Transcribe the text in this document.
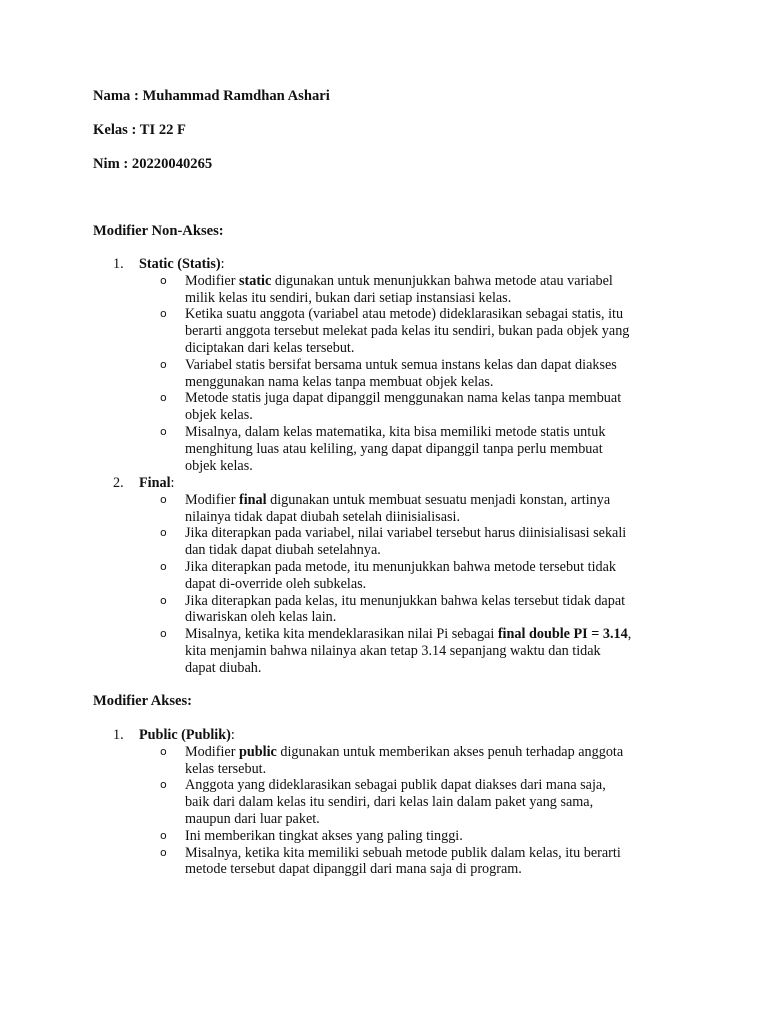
Nama : Muhammad Ramdhan Ashari
Kelas : TI 22 F
Nim : 20220040265
Modifier Non-Akses:
1. Static (Statis):
o Modifier static digunakan untuk menunjukkan bahwa metode atau variabel
milik kelas itu sendiri, bukan dari setiap instansiasi kelas.
o Ketika suatu anggota (variabel atau metode) dideklarasikan sebagai statis, itu
berarti anggota tersebut melekat pada kelas itu sendiri, bukan pada objek yang
diciptakan dari kelas tersebut.
o Variabel statis bersifat bersama untuk semua instans kelas dan dapat diakses
menggunakan nama kelas tanpa membuat objek kelas.
o Metode statis juga dapat dipanggil menggunakan nama kelas tanpa membuat
objek kelas.
o Misalnya, dalam kelas matematika, kita bisa memiliki metode statis untuk
menghitung luas atau keliling, yang dapat dipanggil tanpa perlu membuat
objek kelas.
2. Final:
o Modifier final digunakan untuk membuat sesuatu menjadi konstan, artinya
nilainya tidak dapat diubah setelah diinisialisasi.
o Jika diterapkan pada variabel, nilai variabel tersebut harus diinisialisasi sekali
dan tidak dapat diubah setelahnya.
o Jika diterapkan pada metode, itu menunjukkan bahwa metode tersebut tidak
dapat di-override oleh subkelas.
o Jika diterapkan pada kelas, itu menunjukkan bahwa kelas tersebut tidak dapat
diwariskan oleh kelas lain.
o Misalnya, ketika kita mendeklarasikan nilai Pi sebagai final double PI = 3.14,
kita menjamin bahwa nilainya akan tetap 3.14 sepanjang waktu dan tidak
dapat diubah.
Modifier Akses:
1. Public (Publik):
o Modifier public digunakan untuk memberikan akses penuh terhadap anggota
kelas tersebut.
o Anggota yang dideklarasikan sebagai publik dapat diakses dari mana saja,
baik dari dalam kelas itu sendiri, dari kelas lain dalam paket yang sama,
maupun dari luar paket.
o Ini memberikan tingkat akses yang paling tinggi.
o Misalnya, ketika kita memiliki sebuah metode publik dalam kelas, itu berarti
metode tersebut dapat dipanggil dari mana saja di program.
